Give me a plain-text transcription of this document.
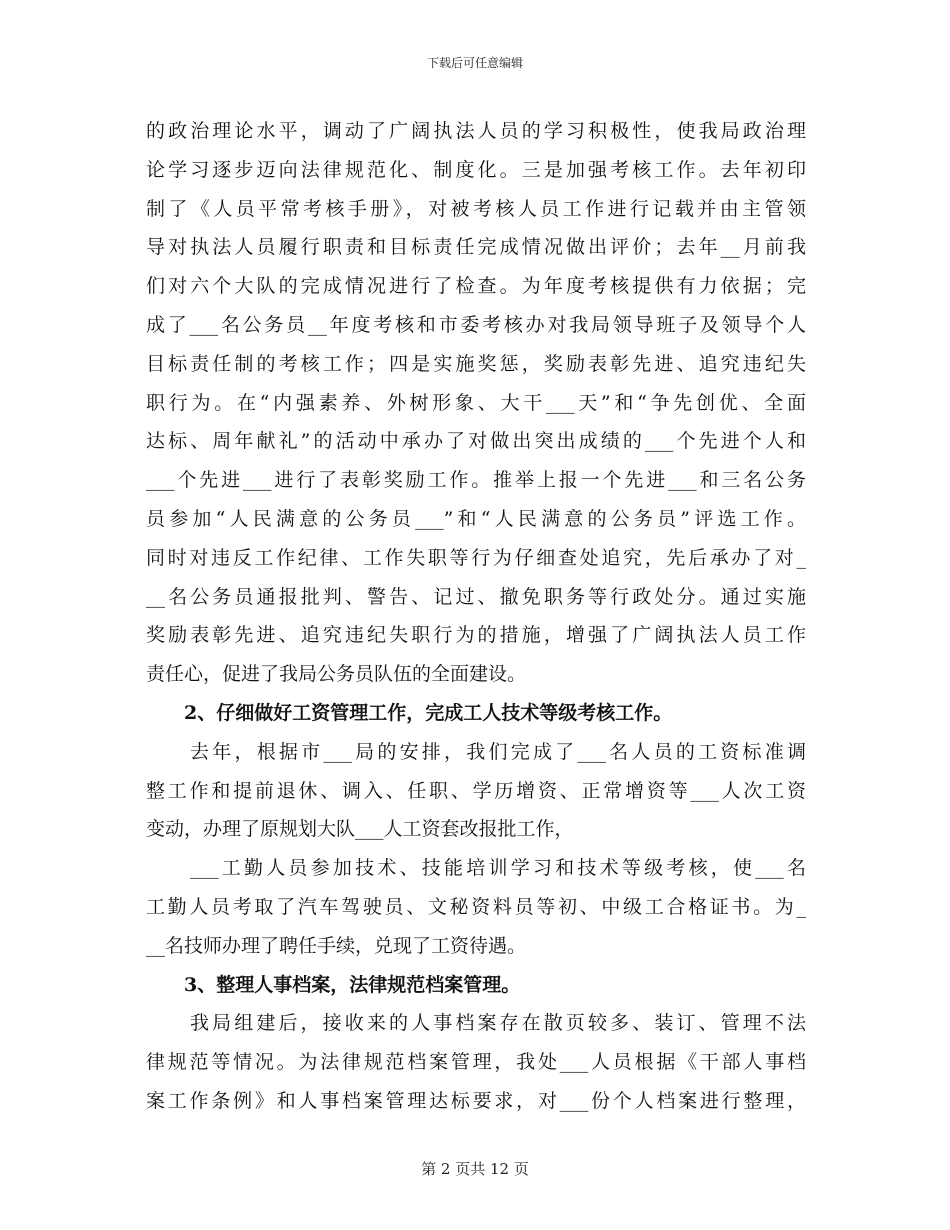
下载后可任意编辑
的政治理论水平，调动了广阔执法人员的学习积极性，使我局政治理
论学习逐步迈向法律规范化、制度化。三是加强考核工作。去年初印
制了《人员平常考核手册》，对被考核人员工作进行记载并由主管领
导对执法人员履行职责和目标责任完成情况做出评价；去年__月前我
们对六个大队的完成情况进行了检查。为年度考核提供有力依据；完
成了___名公务员__年度考核和市委考核办对我局领导班子及领导个人
目标责任制的考核工作；四是实施奖惩，奖励表彰先进、追究违纪失
职行为。在“内强素养、外树形象、大干___天”和“争先创优、全面
达标、周年献礼”的活动中承办了对做出突出成绩的___个先进个人和
___个先进___进行了表彰奖励工作。推举上报一个先进___和三名公务
员参加“人民满意的公务员___”和“人民满意的公务员”评选工作。
同时对违反工作纪律、工作失职等行为仔细查处追究，先后承办了对_
__名公务员通报批判、警告、记过、撤免职务等行政处分。通过实施
奖励表彰先进、追究违纪失职行为的措施，增强了广阔执法人员工作
责任心，促进了我局公务员队伍的全面建设。
2、仔细做好工资管理工作，完成工人技术等级考核工作。
去年，根据市___局的安排，我们完成了___名人员的工资标准调
整工作和提前退休、调入、任职、学历增资、正常增资等___人次工资
变动，办理了原规划大队___人工资套改报批工作，
___工勤人员参加技术、技能培训学习和技术等级考核，使___名
工勤人员考取了汽车驾驶员、文秘资料员等初、中级工合格证书。为_
__名技师办理了聘任手续，兑现了工资待遇。
3、整理人事档案，法律规范档案管理。
我局组建后，接收来的人事档案存在散页较多、装订、管理不法
律规范等情况。为法律规范档案管理，我处___人员根据《干部人事档
案工作条例》和人事档案管理达标要求，对___份个人档案进行整理，
第 2 页共 12 页
